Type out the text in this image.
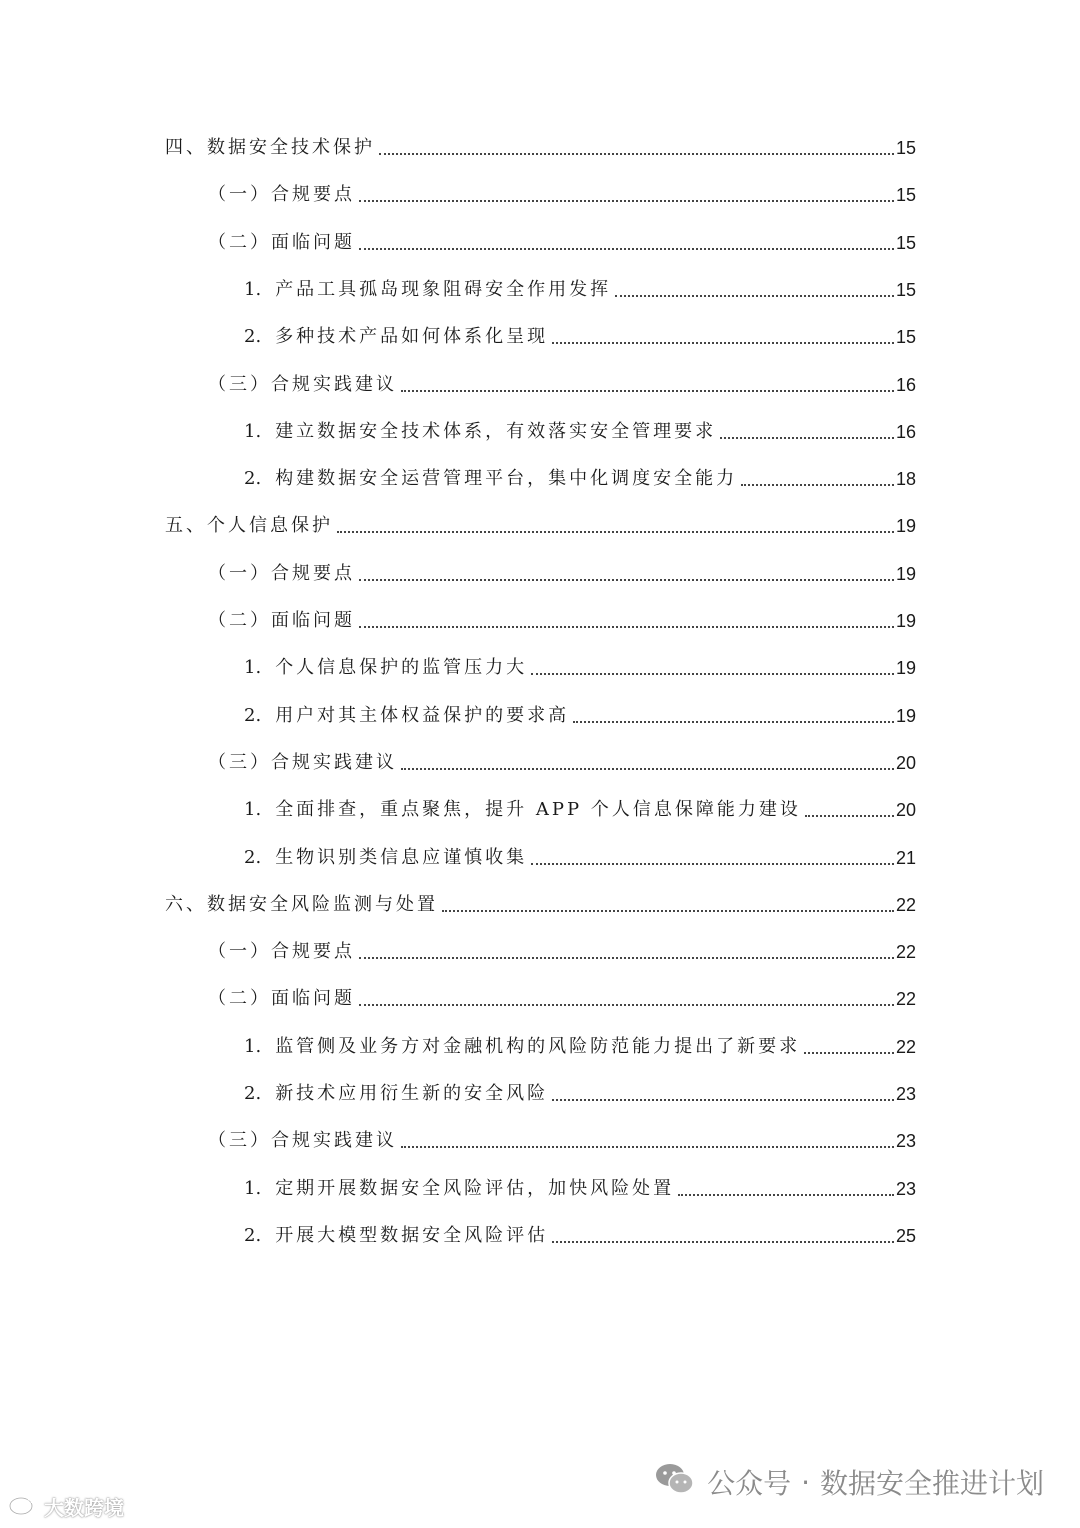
四、数据安全技术保护	15
（一）合规要点	15
（二）面临问题	15
1. 产品工具孤岛现象阻碍安全作用发挥	15
2. 多种技术产品如何体系化呈现	15
（三）合规实践建议	16
1. 建立数据安全技术体系，有效落实安全管理要求	16
2. 构建数据安全运营管理平台，集中化调度安全能力	18
五、个人信息保护	19
（一）合规要点	19
（二）面临问题	19
1. 个人信息保护的监管压力大	19
2. 用户对其主体权益保护的要求高	19
（三）合规实践建议	20
1. 全面排查，重点聚焦，提升 APP 个人信息保障能力建设	20
2. 生物识别类信息应谨慎收集	21
六、数据安全风险监测与处置	22
（一）合规要点	22
（二）面临问题	22
1. 监管侧及业务方对金融机构的风险防范能力提出了新要求	22
2. 新技术应用衍生新的安全风险	23
（三）合规实践建议	23
1. 定期开展数据安全风险评估，加快风险处置	23
2. 开展大模型数据安全风险评估	25
大数跨境
公众号 · 数据安全推进计划
